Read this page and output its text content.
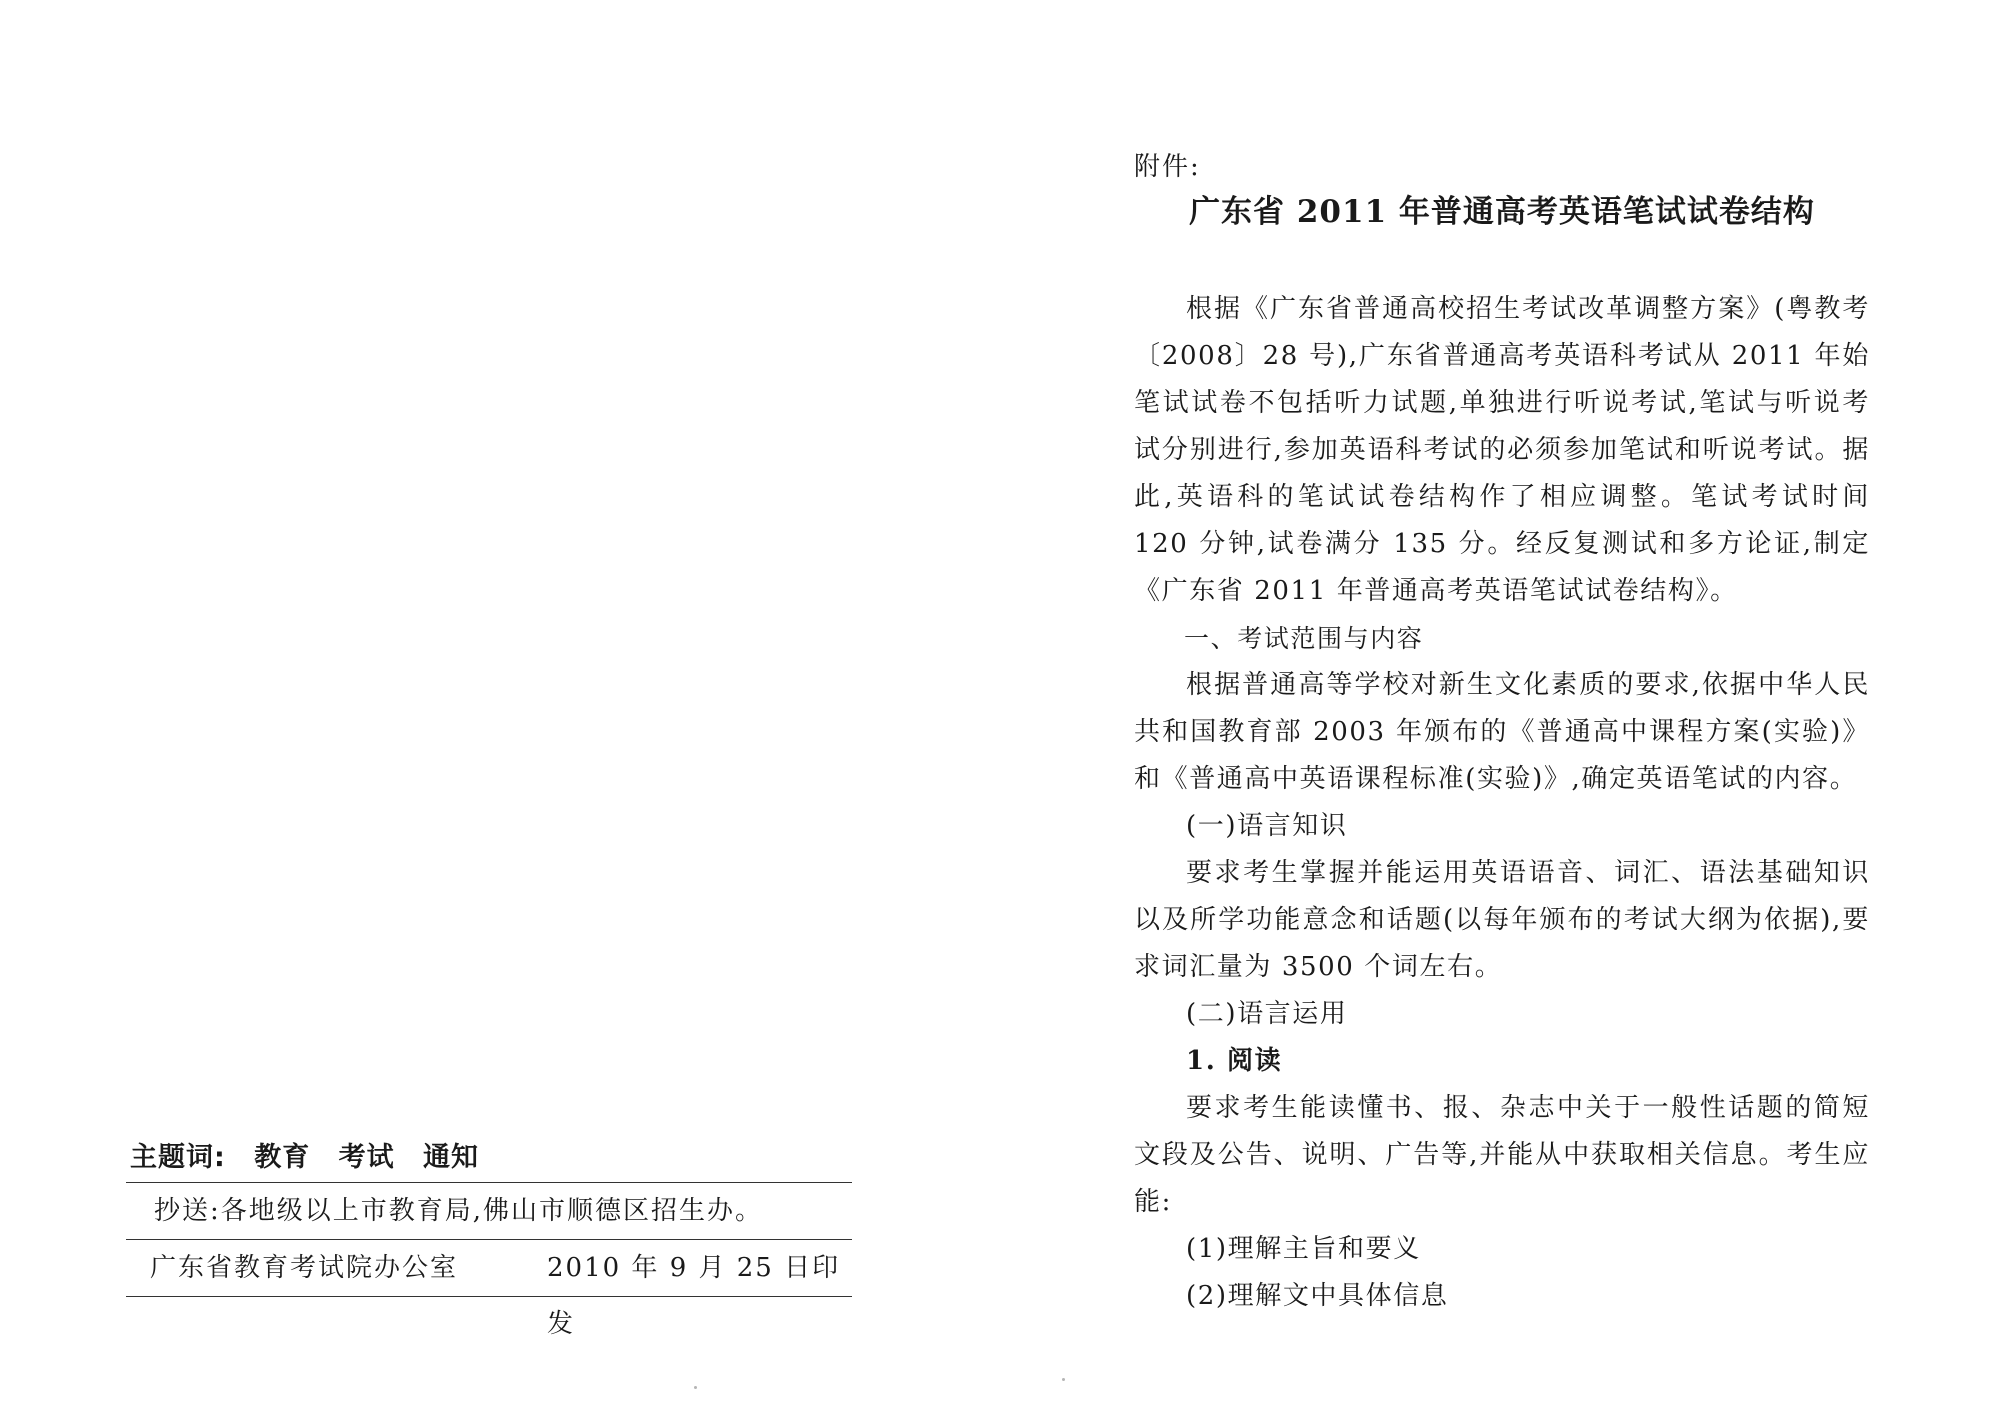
主题词: 教育 考试 通知
抄送:各地级以上市教育局,佛山市顺德区招生办。
广东省教育考试院办公室	2010 年 9 月 25 日印发
附件:
广东省 2011 年普通高考英语笔试试卷结构

根据《广东省普通高校招生考试改革调整方案》(粤教考〔2008〕28 号),广东省普通高考英语科考试从 2011 年始笔试试卷不包括听力试题,单独进行听说考试,笔试与听说考试分别进行,参加英语科考试的必须参加笔试和听说考试。据此,英语科的笔试试卷结构作了相应调整。笔试考试时间 120 分钟,试卷满分 135 分。经反复测试和多方论证,制定《广东省 2011 年普通高考英语笔试试卷结构》。

一、考试范围与内容

根据普通高等学校对新生文化素质的要求,依据中华人民共和国教育部 2003 年颁布的《普通高中课程方案(实验)》和《普通高中英语课程标准(实验)》,确定英语笔试的内容。

(一)语言知识

要求考生掌握并能运用英语语音、词汇、语法基础知识以及所学功能意念和话题(以每年颁布的考试大纲为依据),要求词汇量为 3500 个词左右。

(二)语言运用

1. 阅读

要求考生能读懂书、报、杂志中关于一般性话题的简短文段及公告、说明、广告等,并能从中获取相关信息。考生应能:

(1)理解主旨和要义

(2)理解文中具体信息
